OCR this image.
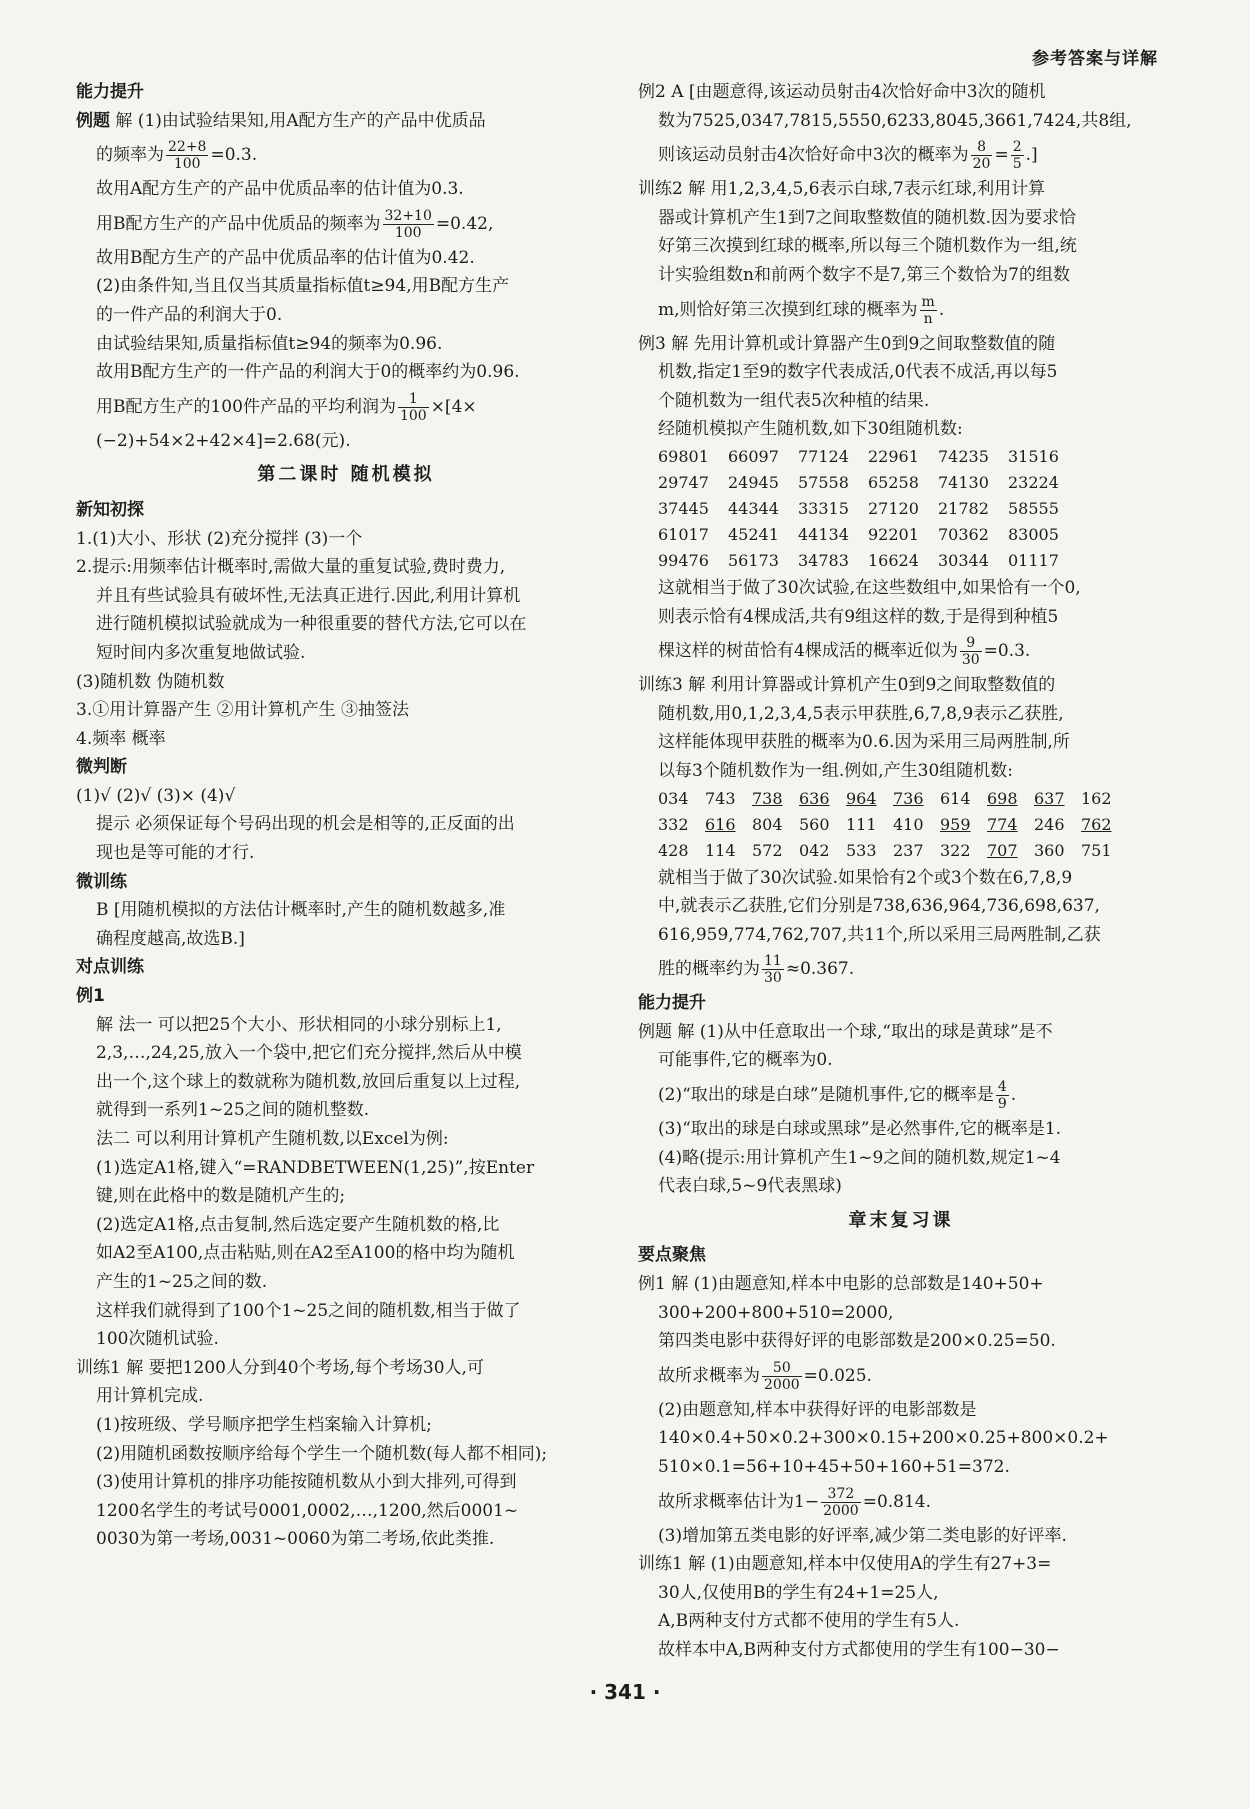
参考答案与详解
能力提升
例题 解 (1)由试验结果知,用A配方生产的产品中优质品
的频率为 $\frac{22+8}{100} =0.3$.
故用A配方生产的产品中优质品率的估计值为0.3.
用B配方生产的产品中优质品的频率为 $\frac{32+10}{100} =0.42$,
故用B配方生产的产品中优质品率的估计值为0.42.
(2)由条件知,当且仅当其质量指标值t≥94,用B配方生产
的一件产品的利润大于0.
由试验结果知,质量指标值t≥94的频率为0.96.
故用B配方生产的一件产品的利润大于0的概率约为0.96.
用B配方生产的100件产品的平均利润为 $\frac{1}{100} \times[4\times$
(−2)+54×2+42×4]=2.68(元).
第二课时 随机模拟
新知初探
1.(1)大小、形状 (2)充分搅拌 (3)一个
2.提示:用频率估计概率时,需做大量的重复试验,费时费力,
并且有些试验具有破坏性,无法真正进行.因此,利用计算机
进行随机模拟试验就成为一种很重要的替代方法,它可以在
短时间内多次重复地做试验.
(3)随机数 伪随机数
3.①用计算器产生 ②用计算机产生 ③抽签法
4.频率 概率
微判断
(1)√ (2)√ (3)× (4)√
提示 必须保证每个号码出现的机会是相等的,正反面的出
现也是等可能的才行.
微训练
B [用随机模拟的方法估计概率时,产生的随机数越多,准
确程度越高,故选B.]
对点训练
例1
解 法一 可以把25个大小、形状相同的小球分别标上1,
2,3,…,24,25,放入一个袋中,把它们充分搅拌,然后从中模
出一个,这个球上的数就称为随机数,放回后重复以上过程,
就得到一系列1~25之间的随机整数.
法二 可以利用计算机产生随机数,以Excel为例:
(1)选定A1格,键入“=RANDBETWEEN(1,25)”,按Enter
键,则在此格中的数是随机产生的;
(2)选定A1格,点击复制,然后选定要产生随机数的格,比
如A2至A100,点击粘贴,则在A2至A100的格中均为随机
产生的1~25之间的数.
这样我们就得到了100个1~25之间的随机数,相当于做了
100次随机试验.
训练1 解 要把1200人分到40个考场,每个考场30人,可
用计算机完成.
(1)按班级、学号顺序把学生档案输入计算机;
(2)用随机函数按顺序给每个学生一个随机数(每人都不相同);
(3)使用计算机的排序功能按随机数从小到大排列,可得到
1200名学生的考试号0001,0002,…,1200,然后0001~
0030为第一考场,0031~0060为第二考场,依此类推.
例2 A [由题意得,该运动员射击4次恰好命中3次的随机
数为7525,0347,7815,5550,6233,8045,3661,7424,共8组,
则该运动员射击4次恰好命中3次的概率为 $\frac{8}{20} = \frac{2}{5}$ .]
训练2 解 用1,2,3,4,5,6表示白球,7表示红球,利用计算
器或计算机产生1到7之间取整数值的随机数.因为要求恰
好第三次摸到红球的概率,所以每三个随机数作为一组,统
计实验组数n和前两个数字不是7,第三个数恰为7的组数
m,则恰好第三次摸到红球的概率为 $\frac{m}{n}$ .
例3 解 先用计算机或计算器产生0到9之间取整数值的随
机数,指定1至9的数字代表成活,0代表不成活,再以每5
个随机数为一组代表5次种植的结果.
经随机模拟产生随机数,如下30组随机数:
69801	66097	77124	22961	74235	31516
29747	24945	57558	65258	74130	23224
37445	44344	33315	27120	21782	58555
61017	45241	44134	92201	70362	83005
99476	56173	34783	16624	30344	01117
这就相当于做了30次试验,在这些数组中,如果恰有一个0,
则表示恰有4棵成活,共有9组这样的数,于是得到种植5
棵这样的树苗恰有4棵成活的概率近似为 $\frac{9}{30} =0.3$.
训练3 解 利用计算器或计算机产生0到9之间取整数值的
随机数,用0,1,2,3,4,5表示甲获胜,6,7,8,9表示乙获胜,
这样能体现甲获胜的概率为0.6.因为采用三局两胜制,所
以每3个随机数作为一组.例如,产生30组随机数:
034	743	738	636	964	736	614	698	637	162
332	616	804	560	111	410	959	774	246	762
428	114	572	042	533	237	322	707	360	751
就相当于做了30次试验.如果恰有2个或3个数在6,7,8,9
中,就表示乙获胜,它们分别是738,636,964,736,698,637,
616,959,774,762,707,共11个,所以采用三局两胜制,乙获
胜的概率约为 $\frac{11}{30} \approx 0.367$.
能力提升
例题 解 (1)从中任意取出一个球,“取出的球是黄球”是不
可能事件,它的概率为0.
(2)“取出的球是白球”是随机事件,它的概率是 $\frac{4}{9}$ .
(3)“取出的球是白球或黑球”是必然事件,它的概率是1.
(4)略(提示:用计算机产生1~9之间的随机数,规定1~4
代表白球,5~9代表黑球)
章末复习课
要点聚焦
例1 解 (1)由题意知,样本中电影的总部数是140+50+
300+200+800+510=2000,
第四类电影中获得好评的电影部数是200×0.25=50.
故所求概率为 $\frac{50}{2000} =0.025$.
(2)由题意知,样本中获得好评的电影部数是
140×0.4+50×0.2+300×0.15+200×0.25+800×0.2+
510×0.1=56+10+45+50+160+51=372.
故所求概率估计为$1- \frac{372}{2000} =0.814$.
(3)增加第五类电影的好评率,减少第二类电影的好评率.
训练1 解 (1)由题意知,样本中仅使用A的学生有27+3=
30人,仅使用B的学生有24+1=25人,
A,B两种支付方式都不使用的学生有5人.
故样本中A,B两种支付方式都使用的学生有100−30−
· 341 ·
